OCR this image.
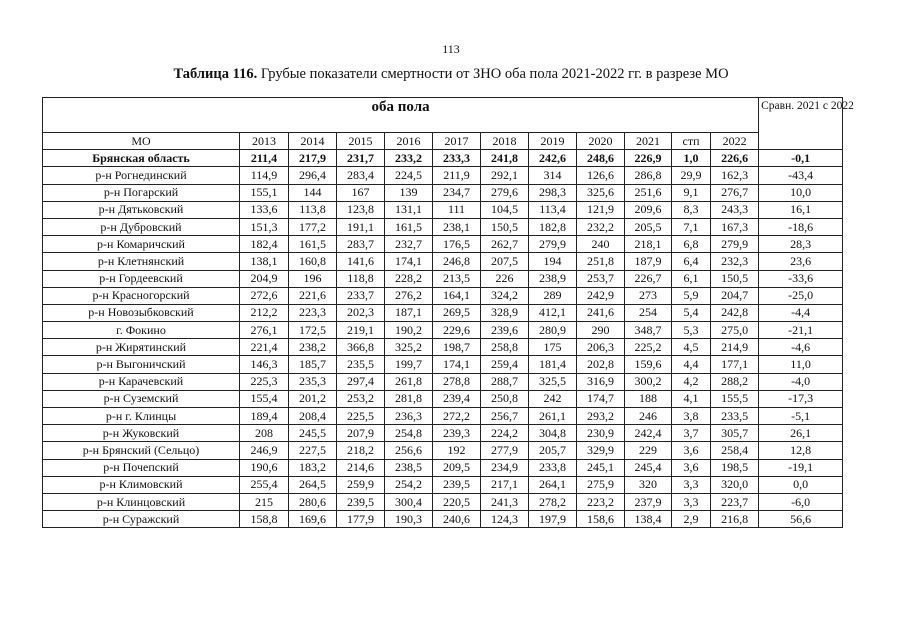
113
Таблица 116. Грубые показатели смертности от ЗНО оба пола 2021-2022 гг. в разрезе МО
оба пола												Сравн. 2021 с 2022
МО	2013	2014	2015	2016	2017	2018	2019	2020	2021	стп	2022	
Брянская область	211,4	217,9	231,7	233,2	233,3	241,8	242,6	248,6	226,9	1,0	226,6	-0,1
р-н Рогнединский	114,9	296,4	283,4	224,5	211,9	292,1	314	126,6	286,8	29,9	162,3	-43,4
р-н Погарский	155,1	144	167	139	234,7	279,6	298,3	325,6	251,6	9,1	276,7	10,0
р-н Дятьковский	133,6	113,8	123,8	131,1	111	104,5	113,4	121,9	209,6	8,3	243,3	16,1
р-н Дубровский	151,3	177,2	191,1	161,5	238,1	150,5	182,8	232,2	205,5	7,1	167,3	-18,6
р-н Комаричский	182,4	161,5	283,7	232,7	176,5	262,7	279,9	240	218,1	6,8	279,9	28,3
р-н Клетнянский	138,1	160,8	141,6	174,1	246,8	207,5	194	251,8	187,9	6,4	232,3	23,6
р-н Гордеевский	204,9	196	118,8	228,2	213,5	226	238,9	253,7	226,7	6,1	150,5	-33,6
р-н Красногорский	272,6	221,6	233,7	276,2	164,1	324,2	289	242,9	273	5,9	204,7	-25,0
р-н Новозыбковский	212,2	223,3	202,3	187,1	269,5	328,9	412,1	241,6	254	5,4	242,8	-4,4
г. Фокино	276,1	172,5	219,1	190,2	229,6	239,6	280,9	290	348,7	5,3	275,0	-21,1
р-н Жирятинский	221,4	238,2	366,8	325,2	198,7	258,8	175	206,3	225,2	4,5	214,9	-4,6
р-н Выгоничский	146,3	185,7	235,5	199,7	174,1	259,4	181,4	202,8	159,6	4,4	177,1	11,0
р-н Карачевский	225,3	235,3	297,4	261,8	278,8	288,7	325,5	316,9	300,2	4,2	288,2	-4,0
р-н Суземский	155,4	201,2	253,2	281,8	239,4	250,8	242	174,7	188	4,1	155,5	-17,3
р-н г. Клинцы	189,4	208,4	225,5	236,3	272,2	256,7	261,1	293,2	246	3,8	233,5	-5,1
р-н Жуковский	208	245,5	207,9	254,8	239,3	224,2	304,8	230,9	242,4	3,7	305,7	26,1
р-н Брянский (Сельцо)	246,9	227,5	218,2	256,6	192	277,9	205,7	329,9	229	3,6	258,4	12,8
р-н Почепский	190,6	183,2	214,6	238,5	209,5	234,9	233,8	245,1	245,4	3,6	198,5	-19,1
р-н Климовский	255,4	264,5	259,9	254,2	239,5	217,1	264,1	275,9	320	3,3	320,0	0,0
р-н Клинцовский	215	280,6	239,5	300,4	220,5	241,3	278,2	223,2	237,9	3,3	223,7	-6,0
р-н Суражский	158,8	169,6	177,9	190,3	240,6	124,3	197,9	158,6	138,4	2,9	216,8	56,6
